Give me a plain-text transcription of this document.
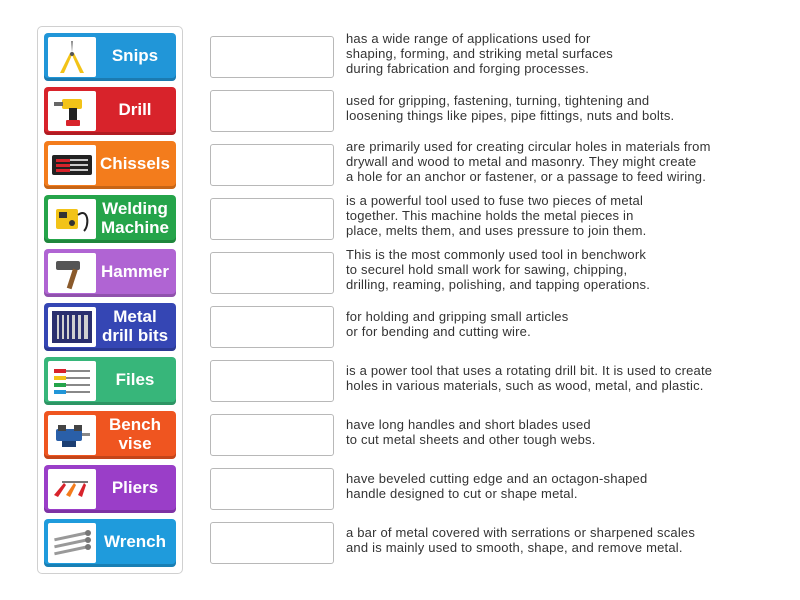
Snips
Drill
Chissels
Welding
Machine
Hammer
Metal
drill bits
Files
Bench
vise
Pliers
Wrench
has a wide range of applications used for
shaping, forming, and striking metal surfaces
during fabrication and forging processes.
used for gripping, fastening, turning, tightening and
loosening things like pipes, pipe fittings, nuts and bolts.
are primarily used for creating circular holes in materials from
drywall and wood to metal and masonry. They might create
a hole for an anchor or fastener, or a passage to feed wiring.
is a powerful tool used to fuse two pieces of metal
together. This machine holds the metal pieces in
place, melts them, and uses pressure to join them.
This is the most commonly used tool in benchwork
to securel hold small work for sawing, chipping,
drilling, reaming, polishing, and tapping operations.
for holding and gripping small articles
or for bending and cutting wire.
is a power tool that uses a rotating drill bit. It is used to create
holes in various materials, such as wood, metal, and plastic.
have long handles and short blades used
to cut metal sheets and other tough webs.
have beveled cutting edge and an octagon-shaped
handle designed to cut or shape metal.
a bar of metal covered with serrations or sharpened scales
and is mainly used to smooth, shape, and remove metal.
